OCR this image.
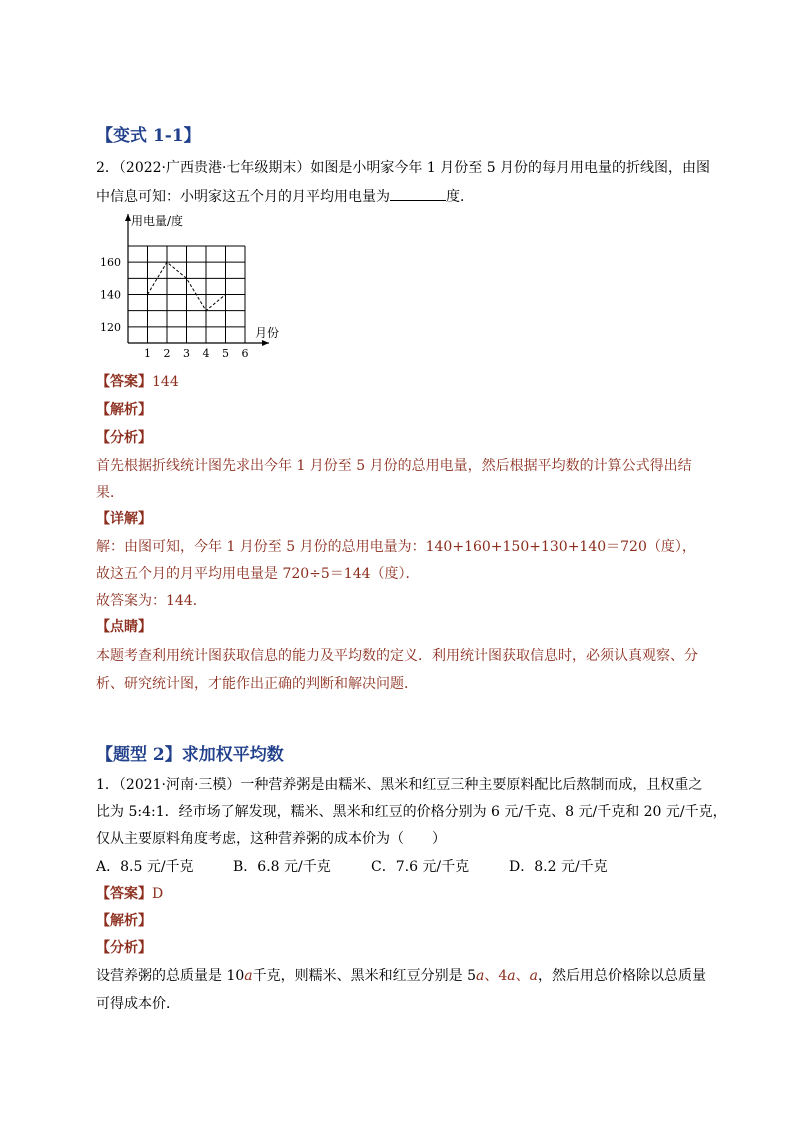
【变式 1-1】
2．（2022·广西贵港·七年级期末）如图是小明家今年 1 月份至 5 月份的每月用电量的折线图，由图
中信息可知：小明家这五个月的月平均用电量为	度．
用电量/度
月份
160
140
120
1 2 3 4 5 6
【答案】144
【解析】
【分析】
首先根据折线统计图先求出今年 1 月份至 5 月份的总用电量，然后根据平均数的计算公式得出结
果．
【详解】
解：由图可知，今年 1 月份至 5 月份的总用电量为：140+160+150+130+140＝720（度），
故这五个月的月平均用电量是 720÷5＝144（度）．
故答案为：144．
【点睛】
本题考查利用统计图获取信息的能力及平均数的定义．利用统计图获取信息时，必须认真观察、分
析、研究统计图，才能作出正确的判断和解决问题．
【题型 2】求加权平均数
1．（2021·河南·三模）一种营养粥是由糯米、黑米和红豆三种主要原料配比后熬制而成，且权重之
比为 5:4:1．经市场了解发现，糯米、黑米和红豆的价格分别为 6 元/千克、8 元/千克和 20 元/千克，
仅从主要原料角度考虑，这种营养粥的成本价为（　　）
A．8.5 元/千克	B．6.8 元/千克	C．7.6 元/千克	D．8.2 元/千克
【答案】D
【解析】
【分析】
设营养粥的总质量是 10a千克，则糯米、黑米和红豆分别是 5a、4a、a，然后用总价格除以总质量
可得成本价．
